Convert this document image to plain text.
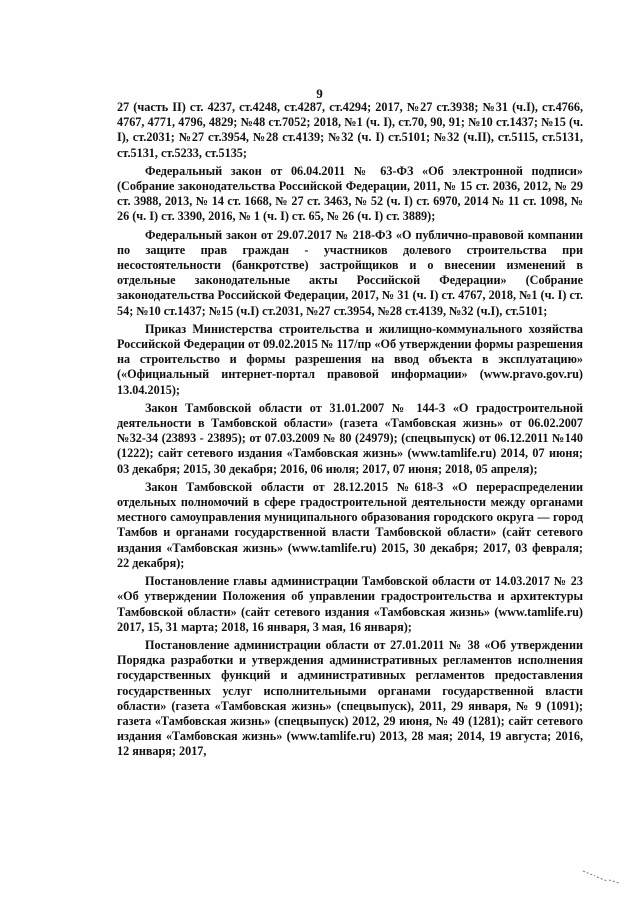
9

27 (часть II) ст. 4237, ст.4248, ст.4287, ст.4294; 2017, №27 ст.3938; №31 (ч.I), ст.4766, 4767, 4771, 4796, 4829; №48 ст.7052; 2018, №1 (ч. I), ст.70, 90, 91; №10 ст.1437; №15 (ч. I), ст.2031; №27 ст.3954, №28 ст.4139; №32 (ч. I) ст.5101; №32 (ч.II), ст.5115, ст.5131, ст.5131, ст.5233, ст.5135;

Федеральный закон от 06.04.2011 № 63-ФЗ «Об электронной подписи» (Собрание законодательства Российской Федерации, 2011, № 15 ст. 2036, 2012, № 29 ст. 3988, 2013, № 14 ст. 1668, № 27 ст. 3463, № 52 (ч. I) ст. 6970, 2014 № 11 ст. 1098, № 26 (ч. I) ст. 3390, 2016, № 1 (ч. I) ст. 65, № 26 (ч. I) ст. 3889);

Федеральный закон от 29.07.2017 № 218-ФЗ «О публично-правовой компании по защите прав граждан - участников долевого строительства при несостоятельности (банкротстве) застройщиков и о внесении изменений в отдельные законодательные акты Российской Федерации» (Собрание законодательства Российской Федерации, 2017, № 31 (ч. I) ст. 4767, 2018, №1 (ч. I) ст. 54; №10 ст.1437; №15 (ч.I) ст.2031, №27 ст.3954, №28 ст.4139, №32 (ч.I), ст.5101;

Приказ Министерства строительства и жилищно-коммунального хозяйства Российской Федерации от 09.02.2015 № 117/пр «Об утверждении формы разрешения на строительство и формы разрешения на ввод объекта в эксплуатацию» («Официальный интернет-портал правовой информации» (www.pravo.gov.ru) 13.04.2015);

Закон Тамбовской области от 31.01.2007 № 144-З «О градостроительной деятельности в Тамбовской области» (газета «Тамбовская жизнь» от 06.02.2007 №32-34 (23893 - 23895); от 07.03.2009 № 80 (24979); (спецвыпуск) от 06.12.2011 №140 (1222); сайт сетевого издания «Тамбовская жизнь» (www.tamlife.ru) 2014, 07 июня; 03 декабря; 2015, 30 декабря; 2016, 06 июля; 2017, 07 июня; 2018, 05 апреля);

Закон Тамбовской области от 28.12.2015 №618-З «О перераспределении отдельных полномочий в сфере градостроительной деятельности между органами местного самоуправления муниципального образования городского округа — город Тамбов и органами государственной власти Тамбовской области» (сайт сетевого издания «Тамбовская жизнь» (www.tamlife.ru) 2015, 30 декабря; 2017, 03 февраля; 22 декабря);

Постановление главы администрации Тамбовской области от 14.03.2017 № 23 «Об утверждении Положения об управлении градостроительства и архитектуры Тамбовской области» (сайт сетевого издания «Тамбовская жизнь» (www.tamlife.ru) 2017, 15, 31 марта; 2018, 16 января, 3 мая, 16 января);

Постановление администрации области от 27.01.2011 № 38 «Об утверждении Порядка разработки и утверждения административных регламентов исполнения государственных функций и административных регламентов предоставления государственных услуг исполнительными органами государственной власти области» (газета «Тамбовская жизнь» (спецвыпуск), 2011, 29 января, № 9 (1091); газета «Тамбовская жизнь» (спецвыпуск) 2012, 29 июня, № 49 (1281); сайт сетевого издания «Тамбовская жизнь» (www.tamlife.ru) 2013, 28 мая; 2014, 19 августа; 2016, 12 января; 2017,
